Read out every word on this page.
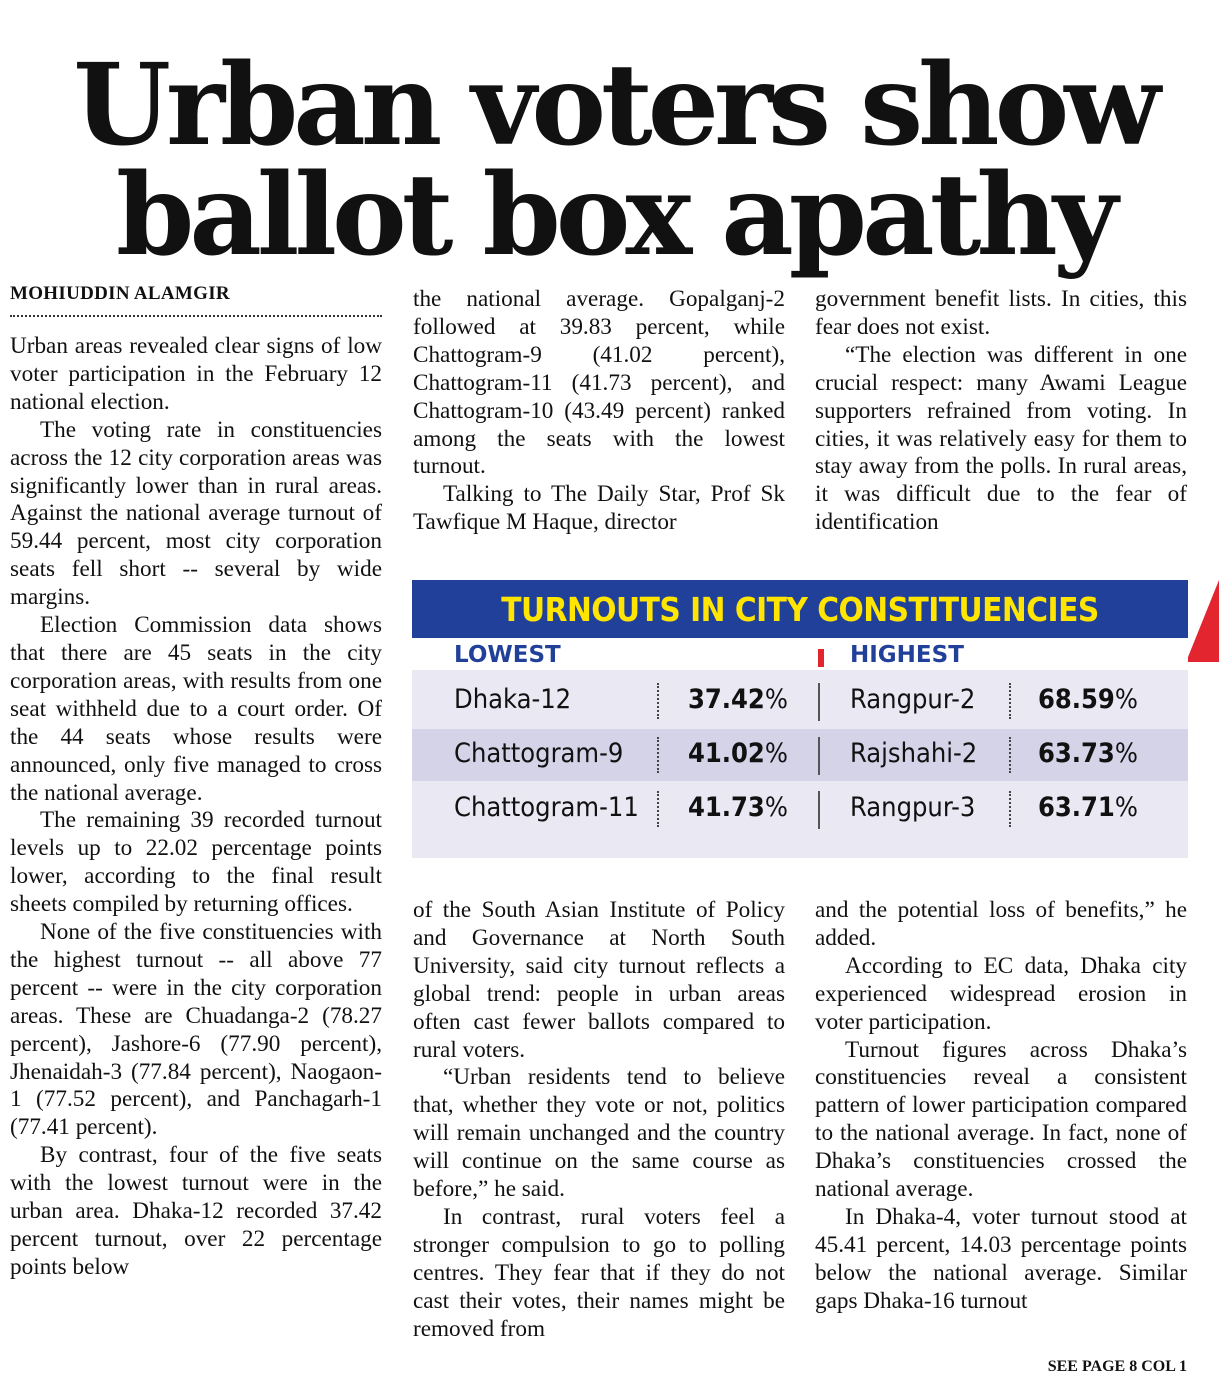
Urban voters show
ballot box apathy
MOHIUDDIN ALAMGIR

Urban areas revealed clear signs of low voter participation in the February 12 national election.

The voting rate in constituencies across the 12 city corporation areas was significantly lower than in rural areas. Against the national average turnout of 59.44 percent, most city corporation seats fell short -- several by wide margins.

Election Commission data shows that there are 45 seats in the city corporation areas, with results from one seat withheld due to a court order. Of the 44 seats whose results were announced, only five managed to cross the national average.

The remaining 39 recorded turnout levels up to 22.02 percentage points lower, according to the final result sheets compiled by returning offices.

None of the five constituencies with the highest turnout -- all above 77 percent -- were in the city corporation areas. These are Chuadanga-2 (78.27 percent), Jashore-6 (77.90 percent), Jhenaidah-3 (77.84 percent), Naogaon-1 (77.52 percent), and Panchagarh-1 (77.41 percent).

By contrast, four of the five seats with the lowest turnout were in the urban area. Dhaka-12 recorded 37.42 percent turnout, over 22 percentage points below

the national average. Gopalganj-2 followed at 39.83 percent, while Chattogram-9 (41.02 percent), Chattogram-11 (41.73 percent), and Chattogram-10 (43.49 percent) ranked among the seats with the lowest turnout.

Talking to The Daily Star, Prof Sk Tawfique M Haque, director

government benefit lists. In cities, this fear does not exist.

“The election was different in one crucial respect: many Awami League supporters refrained from voting. In cities, it was relatively easy for them to stay away from the polls. In rural areas, it was difficult due to the fear of identification

TURNOUTS IN CITY CONSTITUENCIES
LOWEST	HIGHEST
Dhaka-12	37.42% Rangpur-2 68.59%
Chattogram-9 41.02% Rajshahi-2 63.73%
Chattogram-11 41.73% Rangpur-3 63.71%

of the South Asian Institute of Policy and Governance at North South University, said city turnout reflects a global trend: people in urban areas often cast fewer ballots compared to rural voters.

“Urban residents tend to believe that, whether they vote or not, politics will remain unchanged and the country will continue on the same course as before,” he said.

In contrast, rural voters feel a stronger compulsion to go to polling centres. They fear that if they do not cast their votes, their names might be removed from

and the potential loss of benefits,” he added.

According to EC data, Dhaka city experienced widespread erosion in voter participation.

Turnout figures across Dhaka’s constituencies reveal a consistent pattern of lower participation compared to the national average. In fact, none of Dhaka’s constituencies crossed the national average.

In Dhaka-4, voter turnout stood at 45.41 percent, 14.03 percentage points below the national average. Similar gaps Dhaka-16 turnout

SEE PAGE 8 COL 1
